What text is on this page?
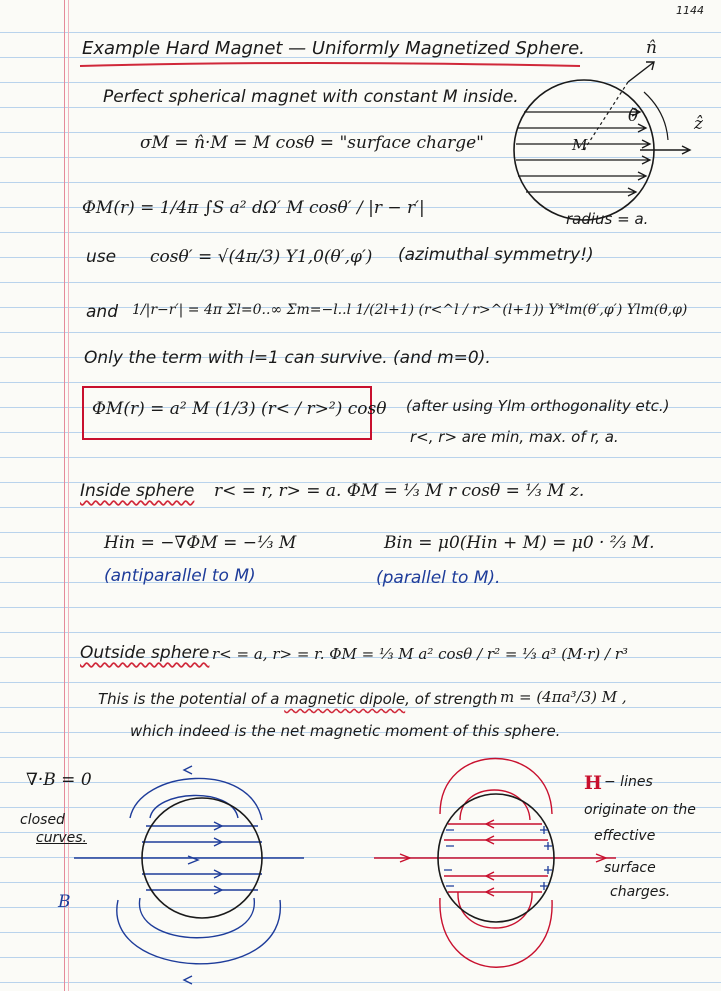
1144
Example Hard Magnet — Uniformly Magnetized Sphere.
Perfect spherical magnet with constant M inside.
σM = n̂·M = M cosθ = "surface charge"
ΦM(r) = 1/4π ∫S a² dΩ′ M cosθ′ / |r − r′|
use cosθ′ = √(4π/3) Y1,0(θ′,φ′) (azimuthal symmetry!)
and 1/|r−r′| = 4π Σl=0..∞ Σm=−l..l 1/(2l+1) (r<^l / r>^(l+1)) Y*lm(θ′,φ′) Ylm(θ,φ)
Only the term with l=1 can survive. (and m=0).
ΦM(r) = a² M (1/3) (r< / r>²) cosθ (after using Ylm orthogonality etc.)
r<, r> are min, max. of r, a.
Inside sphere r< = r, r> = a. ΦM = ⅓ M r cosθ = ⅓ M z.
Hin = −∇ΦM = −⅓ M	Bin = μ0(Hin + M) = μ0 · ⅔ M.
(antiparallel to M)	(parallel to M).
Outside sphere r< = a, r> = r. ΦM = ⅓ M a² cosθ / r² = ⅓ a³ (M·r) / r³
This is the potential of a magnetic dipole, of strength m = (4πa³/3) M ,
which indeed is the net magnetic moment of this sphere.
n̂
θ	ẑ
M
radius = a.
∇·B = 0
closed
curves.
B
H − lines
originate on the
effective
surface
charges.
